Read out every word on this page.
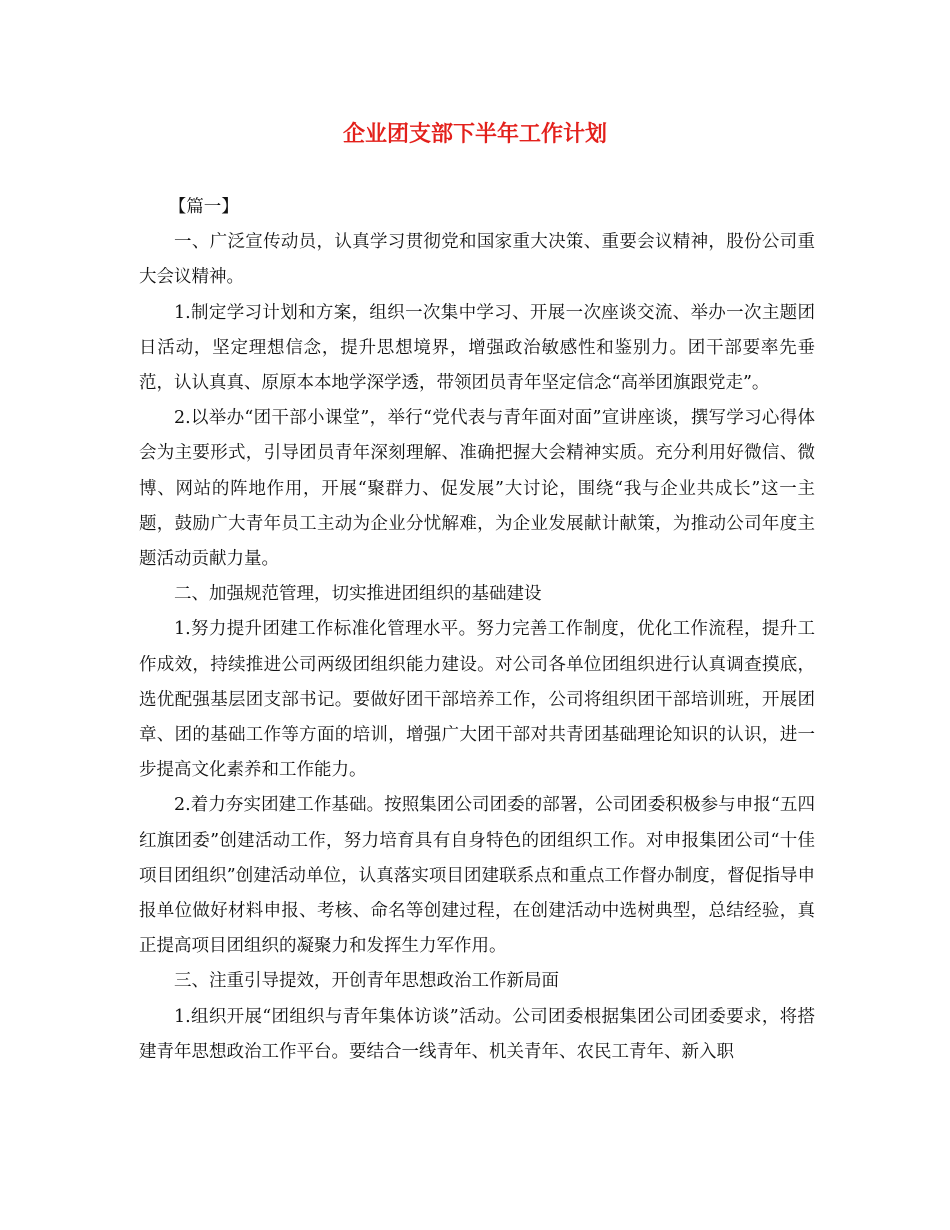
企业团支部下半年工作计划

【篇一】

一、广泛宣传动员，认真学习贯彻党和国家重大决策、重要会议精神，股份公司重大会议精神。

1.制定学习计划和方案，组织一次集中学习、开展一次座谈交流、举办一次主题团日活动，坚定理想信念，提升思想境界，增强政治敏感性和鉴别力。团干部要率先垂范，认认真真、原原本本地学深学透，带领团员青年坚定信念“高举团旗跟党走”。

2.以举办“团干部小课堂”，举行“党代表与青年面对面”宣讲座谈，撰写学习心得体会为主要形式，引导团员青年深刻理解、准确把握大会精神实质。充分利用好微信、微博、网站的阵地作用，开展“聚群力、促发展”大讨论，围绕“我与企业共成长”这一主题，鼓励广大青年员工主动为企业分忧解难，为企业发展献计献策，为推动公司年度主题活动贡献力量。

二、加强规范管理，切实推进团组织的基础建设

1.努力提升团建工作标准化管理水平。努力完善工作制度，优化工作流程，提升工作成效，持续推进公司两级团组织能力建设。对公司各单位团组织进行认真调查摸底，选优配强基层团支部书记。要做好团干部培养工作，公司将组织团干部培训班，开展团章、团的基础工作等方面的培训，增强广大团干部对共青团基础理论知识的认识，进一步提高文化素养和工作能力。

2.着力夯实团建工作基础。按照集团公司团委的部署，公司团委积极参与申报“五四红旗团委”创建活动工作，努力培育具有自身特色的团组织工作。对申报集团公司“十佳项目团组织”创建活动单位，认真落实项目团建联系点和重点工作督办制度，督促指导申报单位做好材料申报、考核、命名等创建过程，在创建活动中选树典型，总结经验，真正提高项目团组织的凝聚力和发挥生力军作用。

三、注重引导提效，开创青年思想政治工作新局面

1.组织开展“团组织与青年集体访谈”活动。公司团委根据集团公司团委要求，将搭建青年思想政治工作平台。要结合一线青年、机关青年、农民工青年、新入职
